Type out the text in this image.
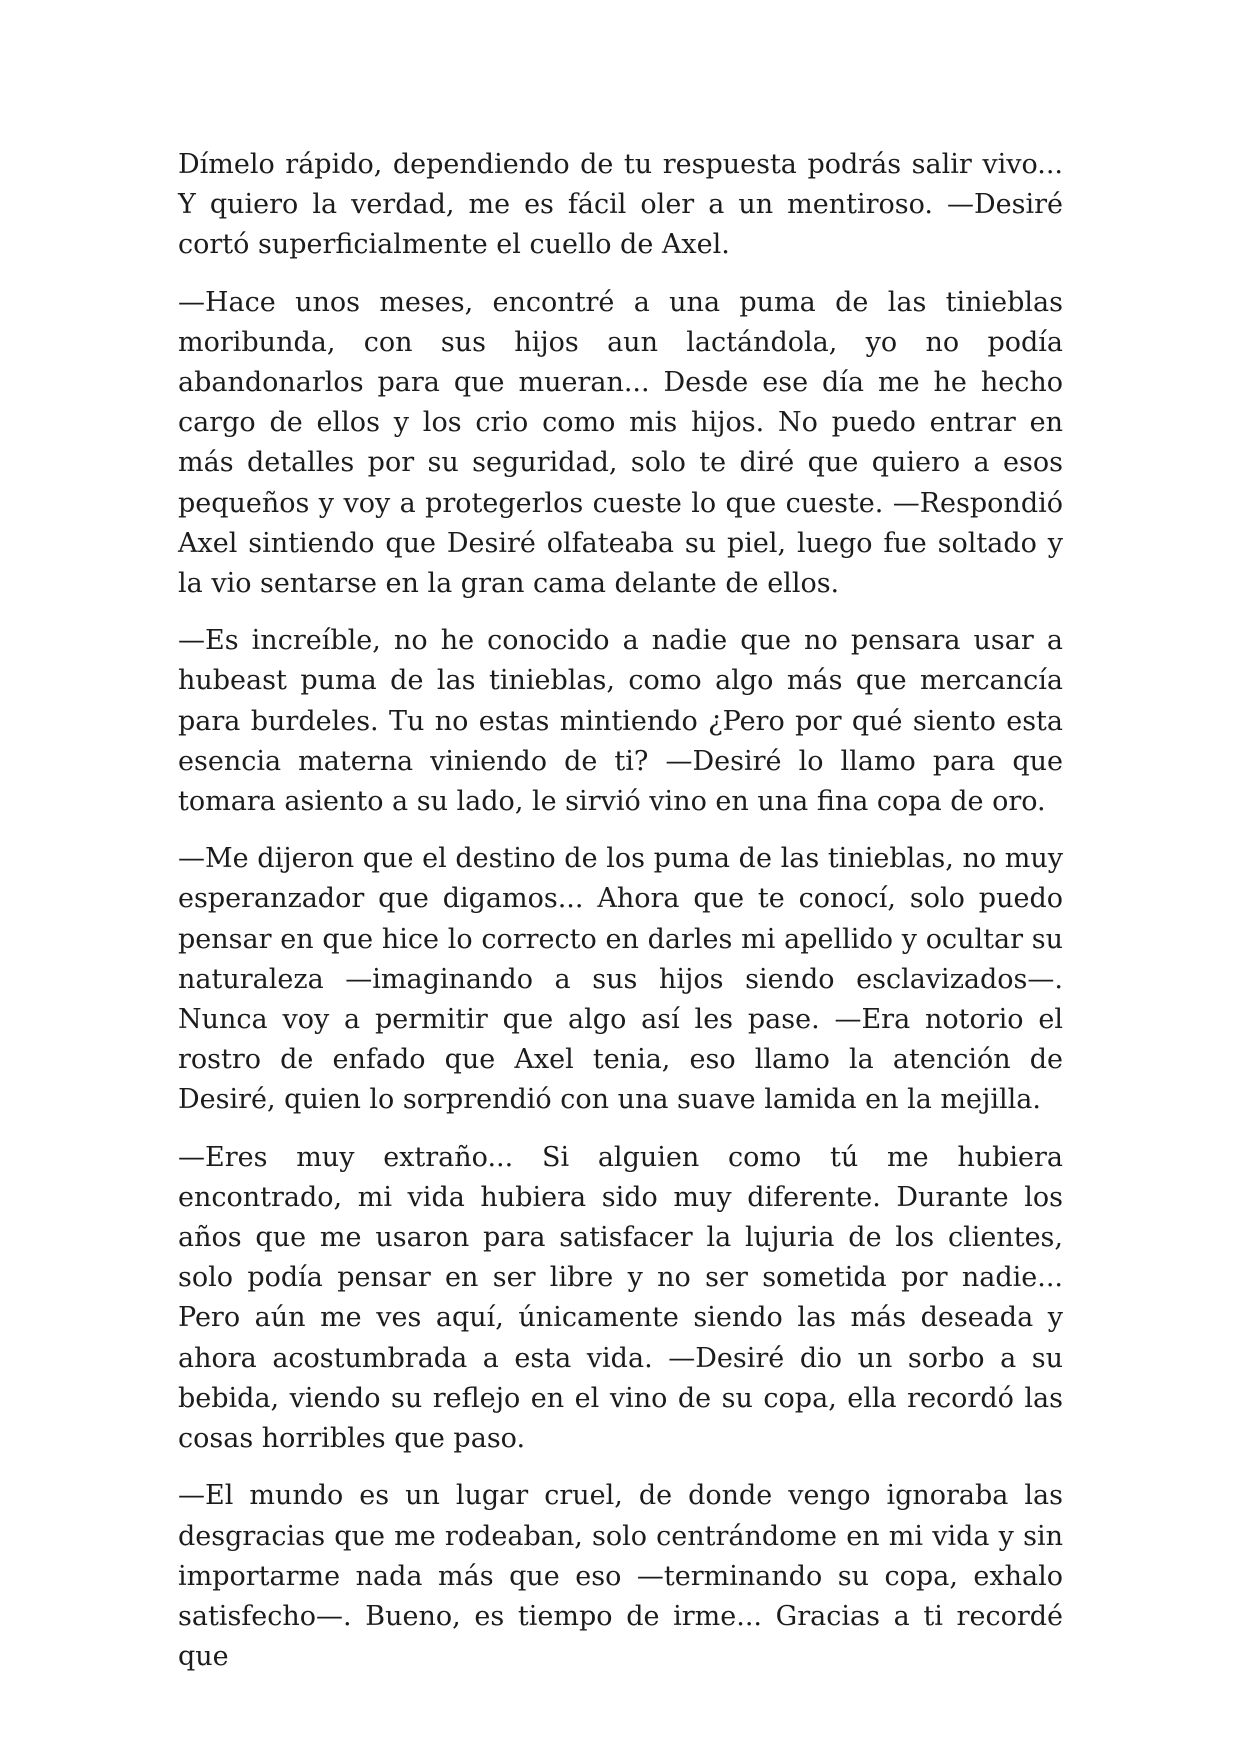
Dímelo rápido, dependiendo de tu respuesta podrás salir vivo... Y quiero la verdad, me es fácil oler a un mentiroso. —Desiré cortó superficialmente el cuello de Axel.

—Hace unos meses, encontré a una puma de las tinieblas moribunda, con sus hijos aun lactándola, yo no podía abandonarlos para que mueran... Desde ese día me he hecho cargo de ellos y los crio como mis hijos. No puedo entrar en más detalles por su seguridad, solo te diré que quiero a esos pequeños y voy a protegerlos cueste lo que cueste. —Respondió Axel sintiendo que Desiré olfateaba su piel, luego fue soltado y la vio sentarse en la gran cama delante de ellos.

—Es increíble, no he conocido a nadie que no pensara usar a hubeast puma de las tinieblas, como algo más que mercancía para burdeles. Tu no estas mintiendo ¿Pero por qué siento esta esencia materna viniendo de ti? —Desiré lo llamo para que tomara asiento a su lado, le sirvió vino en una fina copa de oro.

—Me dijeron que el destino de los puma de las tinieblas, no muy esperanzador que digamos... Ahora que te conocí, solo puedo pensar en que hice lo correcto en darles mi apellido y ocultar su naturaleza —imaginando a sus hijos siendo esclavizados—. Nunca voy a permitir que algo así les pase. —Era notorio el rostro de enfado que Axel tenia, eso llamo la atención de Desiré, quien lo sorprendió con una suave lamida en la mejilla.

—Eres muy extraño... Si alguien como tú me hubiera encontrado, mi vida hubiera sido muy diferente. Durante los años que me usaron para satisfacer la lujuria de los clientes, solo podía pensar en ser libre y no ser sometida por nadie... Pero aún me ves aquí, únicamente siendo las más deseada y ahora acostumbrada a esta vida. —Desiré dio un sorbo a su bebida, viendo su reflejo en el vino de su copa, ella recordó las cosas horribles que paso.

—El mundo es un lugar cruel, de donde vengo ignoraba las desgracias que me rodeaban, solo centrándome en mi vida y sin importarme nada más que eso —terminando su copa, exhalo satisfecho—. Bueno, es tiempo de irme... Gracias a ti recordé que
